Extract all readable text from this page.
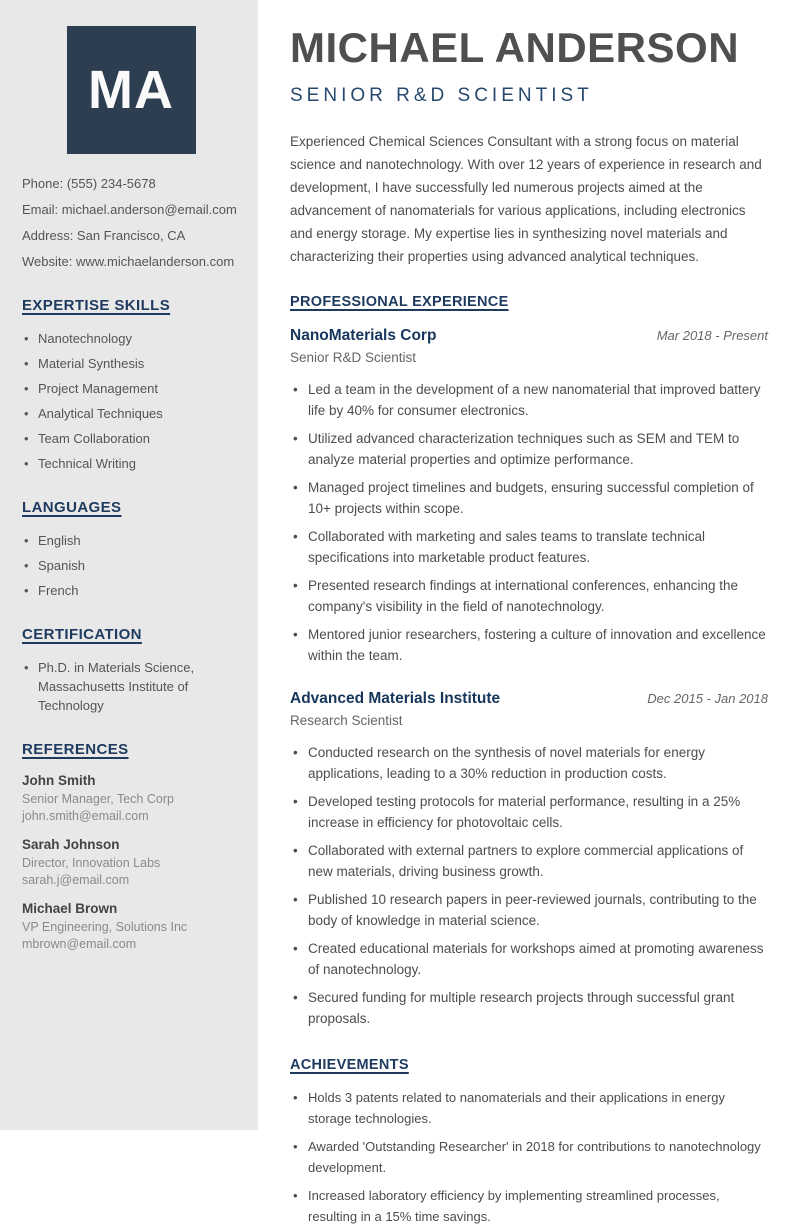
MA
Phone: (555) 234-5678
Email: michael.anderson@email.com
Address: San Francisco, CA
Website: www.michaelanderson.com
EXPERTISE SKILLS
• Nanotechnology
• Material Synthesis
• Project Management
• Analytical Techniques
• Team Collaboration
• Technical Writing
LANGUAGES
• English
• Spanish
• French
CERTIFICATION
• Ph.D. in Materials Science, Massachusetts Institute of Technology
REFERENCES
John Smith
Senior Manager, Tech Corp
john.smith@email.com
Sarah Johnson
Director, Innovation Labs
sarah.j@email.com
Michael Brown
VP Engineering, Solutions Inc
mbrown@email.com
MICHAEL ANDERSON
SENIOR R&D SCIENTIST

Experienced Chemical Sciences Consultant with a strong focus on material science and nanotechnology. With over 12 years of experience in research and development, I have successfully led numerous projects aimed at the advancement of nanomaterials for various applications, including electronics and energy storage. My expertise lies in synthesizing novel materials and characterizing their properties using advanced analytical techniques.

PROFESSIONAL EXPERIENCE
NanoMaterials Corp	Mar 2018 - Present
Senior R&D Scientist
• Led a team in the development of a new nanomaterial that improved battery life by 40% for consumer electronics.
• Utilized advanced characterization techniques such as SEM and TEM to analyze material properties and optimize performance.
• Managed project timelines and budgets, ensuring successful completion of 10+ projects within scope.
• Collaborated with marketing and sales teams to translate technical specifications into marketable product features.
• Presented research findings at international conferences, enhancing the company's visibility in the field of nanotechnology.
• Mentored junior researchers, fostering a culture of innovation and excellence within the team.
Advanced Materials Institute	Dec 2015 - Jan 2018
Research Scientist
• Conducted research on the synthesis of novel materials for energy applications, leading to a 30% reduction in production costs.
• Developed testing protocols for material performance, resulting in a 25% increase in efficiency for photovoltaic cells.
• Collaborated with external partners to explore commercial applications of new materials, driving business growth.
• Published 10 research papers in peer-reviewed journals, contributing to the body of knowledge in material science.
• Created educational materials for workshops aimed at promoting awareness of nanotechnology.
• Secured funding for multiple research projects through successful grant proposals.
ACHIEVEMENTS
• Holds 3 patents related to nanomaterials and their applications in energy storage technologies.
• Awarded 'Outstanding Researcher' in 2018 for contributions to nanotechnology development.
• Increased laboratory efficiency by implementing streamlined processes, resulting in a 15% time savings.
